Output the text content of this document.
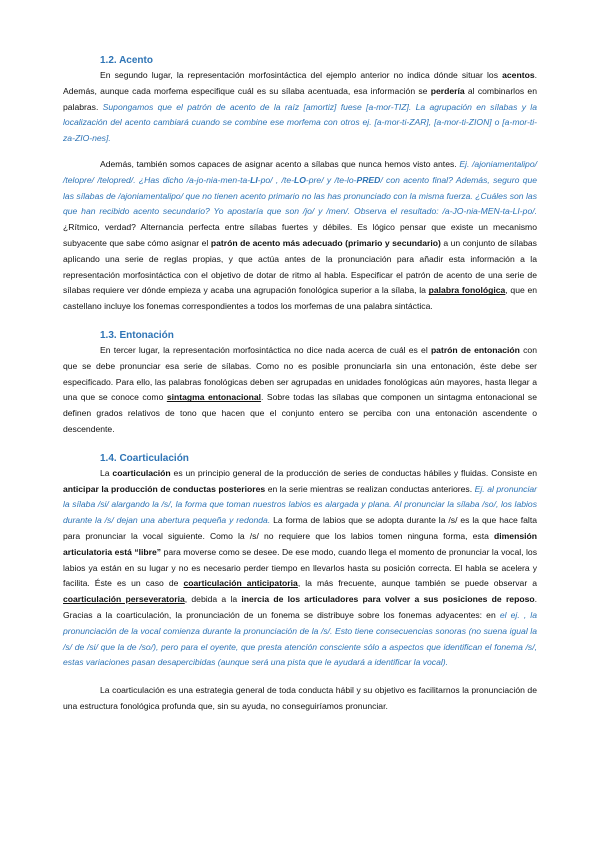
1.2. Acento

En segundo lugar, la representación morfosintáctica del ejemplo anterior no indica dónde situar los acentos. Además, aunque cada morfema especifique cuál es su sílaba acentuada, esa información se perdería al combinarlos en palabras. Supongamos que el patrón de acento de la raíz [amortiz] fuese [a-mor-TIZ]. La agrupación en sílabas y la localización del acento cambiará cuando se combine ese morfema con otros ej. [a-mor-ti-ZAR], [a-mor-ti-ZION] o [a-mor-ti-za-ZIO-nes].

Además, también somos capaces de asignar acento a sílabas que nunca hemos visto antes. Ej. /ajoniamentalipo/ /telopre/ /telopred/. ¿Has dicho /a-jo-nia-men-ta-LI-po/ , /te-LO-pre/ y /te-lo-PRED/ con acento final? Además, seguro que las sílabas de /ajoniamentalipo/ que no tienen acento primario no las has pronunciado con la misma fuerza. ¿Cuáles son las que han recibido acento secundario? Yo apostaría que son /jo/ y /men/. Observa el resultado: /a-JO-nia-MEN-ta-LI-po/. ¿Rítmico, verdad? Alternancia perfecta entre sílabas fuertes y débiles. Es lógico pensar que existe un mecanismo subyacente que sabe cómo asignar el patrón de acento más adecuado (primario y secundario) a un conjunto de sílabas aplicando una serie de reglas propias, y que actúa antes de la pronunciación para añadir esta información a la representación morfosintáctica con el objetivo de dotar de ritmo al habla. Especificar el patrón de acento de una serie de sílabas requiere ver dónde empieza y acaba una agrupación fonológica superior a la sílaba, la palabra fonológica, que en castellano incluye los fonemas correspondientes a todos los morfemas de una palabra sintáctica.

1.3. Entonación

En tercer lugar, la representación morfosintáctica no dice nada acerca de cuál es el patrón de entonación con que se debe pronunciar esa serie de sílabas. Como no es posible pronunciarla sin una entonación, éste debe ser especificado. Para ello, las palabras fonológicas deben ser agrupadas en unidades fonológicas aún mayores, hasta llegar a una que se conoce como sintagma entonacional. Sobre todas las sílabas que componen un sintagma entonacional se definen grados relativos de tono que hacen que el conjunto entero se perciba con una entonación ascendente o descendente.

1.4. Coarticulación

La coarticulación es un principio general de la producción de series de conductas hábiles y fluidas. Consiste en anticipar la producción de conductas posteriores en la serie mientras se realizan conductas anteriores. Ej. al pronunciar la sílaba /si/ alargando la /s/, la forma que toman nuestros labios es alargada y plana. Al pronunciar la sílaba /so/, los labios durante la /s/ dejan una abertura pequeña y redonda. La forma de labios que se adopta durante la /s/ es la que hace falta para pronunciar la vocal siguiente. Como la /s/ no requiere que los labios tomen ninguna forma, esta dimensión articulatoria está “libre” para moverse como se desee. De ese modo, cuando llega el momento de pronunciar la vocal, los labios ya están en su lugar y no es necesario perder tiempo en llevarlos hasta su posición correcta. El habla se acelera y facilita. Éste es un caso de coarticulación anticipatoria, la más frecuente, aunque también se puede observar a coarticulación perseveratoria, debida a la inercia de los articuladores para volver a sus posiciones de reposo. Gracias a la coarticulación, la pronunciación de un fonema se distribuye sobre los fonemas adyacentes: en el ej. , la pronunciación de la vocal comienza durante la pronunciación de la /s/. Esto tiene consecuencias sonoras (no suena igual la /s/ de /si/ que la de /so/), pero para el oyente, que presta atención consciente sólo a aspectos que identifican el fonema /s/, estas variaciones pasan desapercibidas (aunque será una pista que le ayudará a identificar la vocal).

La coarticulación es una estrategia general de toda conducta hábil y su objetivo es facilitarnos la pronunciación de una estructura fonológica profunda que, sin su ayuda, no conseguiríamos pronunciar.
